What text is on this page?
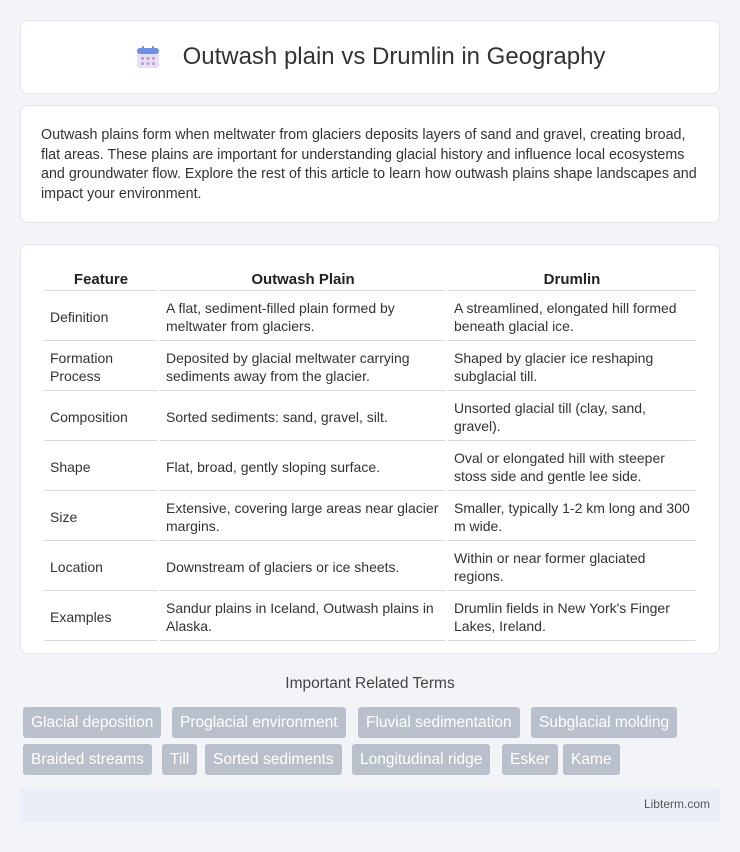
Outwash plain vs Drumlin in Geography

Outwash plains form when meltwater from glaciers deposits layers of sand and gravel, creating broad, flat areas. These plains are important for understanding glacial history and influence local ecosystems and groundwater flow. Explore the rest of this article to learn how outwash plains shape landscapes and impact your environment.

Feature	Outwash Plain	Drumlin
Definition	A flat, sediment-filled plain formed by meltwater from glaciers.	A streamlined, elongated hill formed beneath glacial ice.
Formation Process	Deposited by glacial meltwater carrying sediments away from the glacier.	Shaped by glacier ice reshaping subglacial till.
Composition	Sorted sediments: sand, gravel, silt.	Unsorted glacial till (clay, sand, gravel).
Shape	Flat, broad, gently sloping surface.	Oval or elongated hill with steeper stoss side and gentle lee side.
Size	Extensive, covering large areas near glacier margins.	Smaller, typically 1-2 km long and 300 m wide.
Location	Downstream of glaciers or ice sheets.	Within or near former glaciated regions.
Examples	Sandur plains in Iceland, Outwash plains in Alaska.	Drumlin fields in New York's Finger Lakes, Ireland.
Important Related Terms
Glacial deposition	Proglacial environment	Fluvial sedimentation	Subglacial molding
Braided streams	Till	Sorted sediments	Longitudinal ridge	Esker	Kame
Libterm.com
